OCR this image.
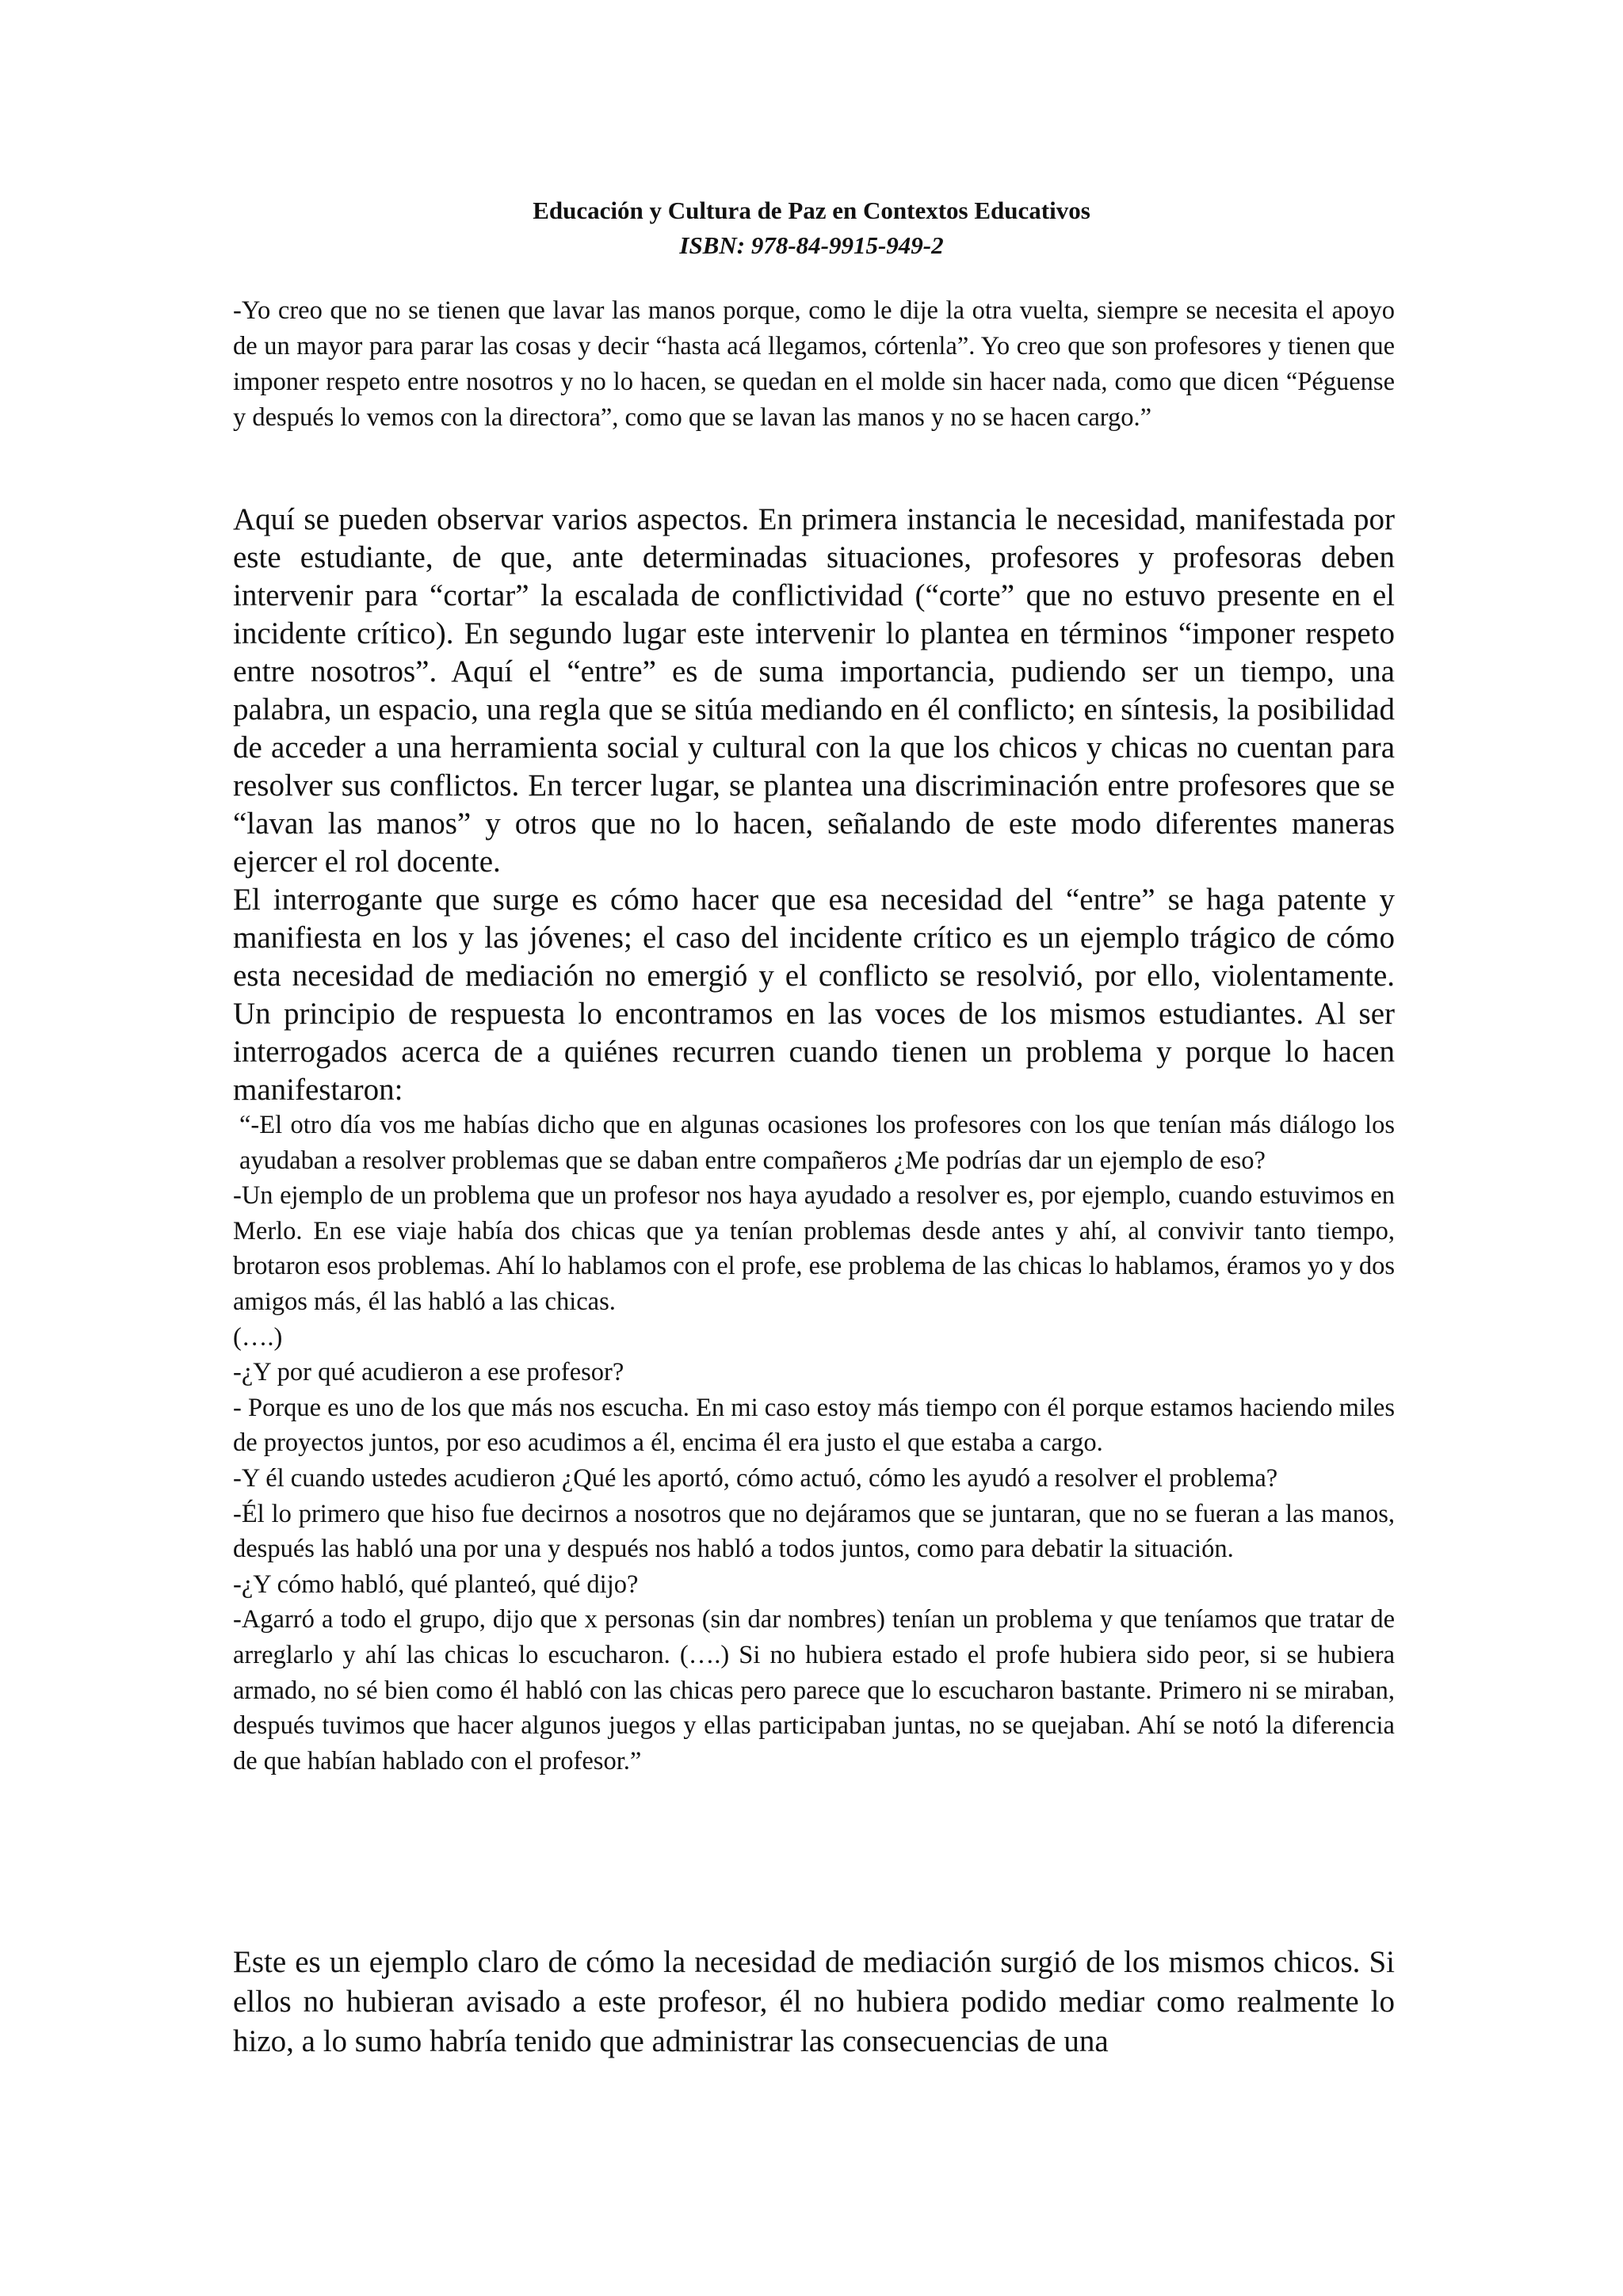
Educación y Cultura de Paz en Contextos Educativos
ISBN: 978-84-9915-949-2

-Yo creo que no se tienen que lavar las manos porque, como le dije la otra vuelta, siempre se necesita el apoyo de un mayor para parar las cosas y decir “hasta acá llegamos, córtenla”. Yo creo que son profesores y tienen que imponer respeto entre nosotros y no lo hacen, se quedan en el molde sin hacer nada, como que dicen “Péguense y después lo vemos con la directora”, como que se lavan las manos y no se hacen cargo.”

Aquí se pueden observar varios aspectos. En primera instancia le necesidad, manifestada por este estudiante, de que, ante determinadas situaciones, profesores y profesoras deben intervenir para “cortar” la escalada de conflictividad (“corte” que no estuvo presente en el incidente crítico). En segundo lugar este intervenir lo plantea en términos “imponer respeto entre nosotros”. Aquí el “entre” es de suma importancia, pudiendo ser un tiempo, una palabra, un espacio, una regla que se sitúa mediando en él conflicto; en síntesis, la posibilidad de acceder a una herramienta social y cultural con la que los chicos y chicas no cuentan para resolver sus conflictos. En tercer lugar, se plantea una discriminación entre profesores que se “lavan las manos” y otros que no lo hacen, señalando de este modo diferentes maneras ejercer el rol docente.

El interrogante que surge es cómo hacer que esa necesidad del “entre” se haga patente y manifiesta en los y las jóvenes; el caso del incidente crítico es un ejemplo trágico de cómo esta necesidad de mediación no emergió y el conflicto se resolvió, por ello, violentamente. Un principio de respuesta lo encontramos en las voces de los mismos estudiantes. Al ser interrogados acerca de a quiénes recurren cuando tienen un problema y porque lo hacen manifestaron:

“-El otro día vos me habías dicho que en algunas ocasiones los profesores con los que tenían más diálogo los ayudaban a resolver problemas que se daban entre compañeros ¿Me podrías dar un ejemplo de eso?

-Un ejemplo de un problema que un profesor nos haya ayudado a resolver es, por ejemplo, cuando estuvimos en Merlo. En ese viaje había dos chicas que ya tenían problemas desde antes y ahí, al convivir tanto tiempo, brotaron esos problemas. Ahí lo hablamos con el profe, ese problema de las chicas lo hablamos, éramos yo y dos amigos más, él las habló a las chicas.

(….)

-¿Y por qué acudieron a ese profesor?

- Porque es uno de los que más nos escucha. En mi caso estoy más tiempo con él porque estamos haciendo miles de proyectos juntos, por eso acudimos a él, encima él era justo el que estaba a cargo.

-Y él cuando ustedes acudieron ¿Qué les aportó, cómo actuó, cómo les ayudó a resolver el problema?

-Él lo primero que hiso fue decirnos a nosotros que no dejáramos que se juntaran, que no se fueran a las manos, después las habló una por una y después nos habló a todos juntos, como para debatir la situación.

-¿Y cómo habló, qué planteó, qué dijo?

-Agarró a todo el grupo, dijo que x personas (sin dar nombres) tenían un problema y que teníamos que tratar de arreglarlo y ahí las chicas lo escucharon. (….) Si no hubiera estado el profe hubiera sido peor, si se hubiera armado, no sé bien como él habló con las chicas pero parece que lo escucharon bastante. Primero ni se miraban, después tuvimos que hacer algunos juegos y ellas participaban juntas, no se quejaban. Ahí se notó la diferencia de que habían hablado con el profesor.”

Este es un ejemplo claro de cómo la necesidad de mediación surgió de los mismos chicos. Si ellos no hubieran avisado a este profesor, él no hubiera podido mediar como realmente lo hizo, a lo sumo habría tenido que administrar las consecuencias de una
